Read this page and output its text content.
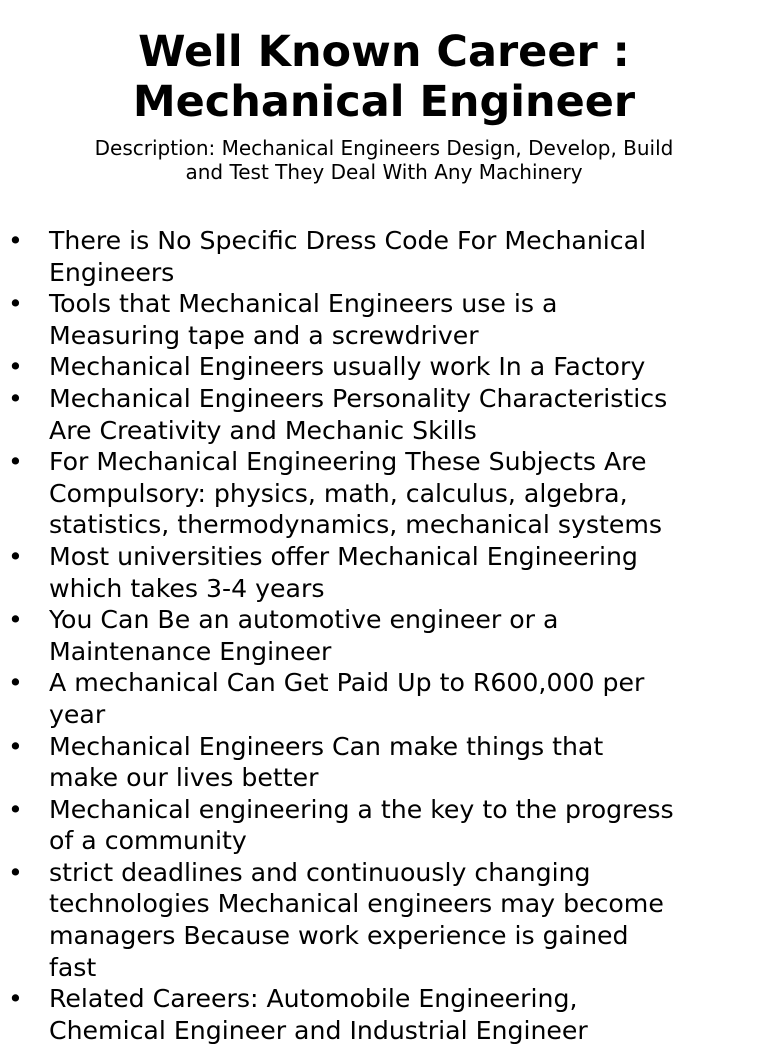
Well Known Career :
Mechanical Engineer
Description: Mechanical Engineers Design, Develop, Build
and Test They Deal With Any Machinery
• There is No Specific Dress Code For Mechanical
Engineers
• Tools that Mechanical Engineers use is a
Measuring tape and a screwdriver
• Mechanical Engineers usually work In a Factory
• Mechanical Engineers Personality Characteristics
Are Creativity and Mechanic Skills
• For Mechanical Engineering These Subjects Are
Compulsory: physics, math, calculus, algebra,
statistics, thermodynamics, mechanical systems
• Most universities offer Mechanical Engineering
which takes 3-4 years
• You Can Be an automotive engineer or a
Maintenance Engineer
• A mechanical Can Get Paid Up to R600,000 per
year
• Mechanical Engineers Can make things that
make our lives better
• Mechanical engineering a the key to the progress
of a community
• strict deadlines and continuously changing
technologies Mechanical engineers may become
managers Because work experience is gained
fast
• Related Careers: Automobile Engineering,
Chemical Engineer and Industrial Engineer
